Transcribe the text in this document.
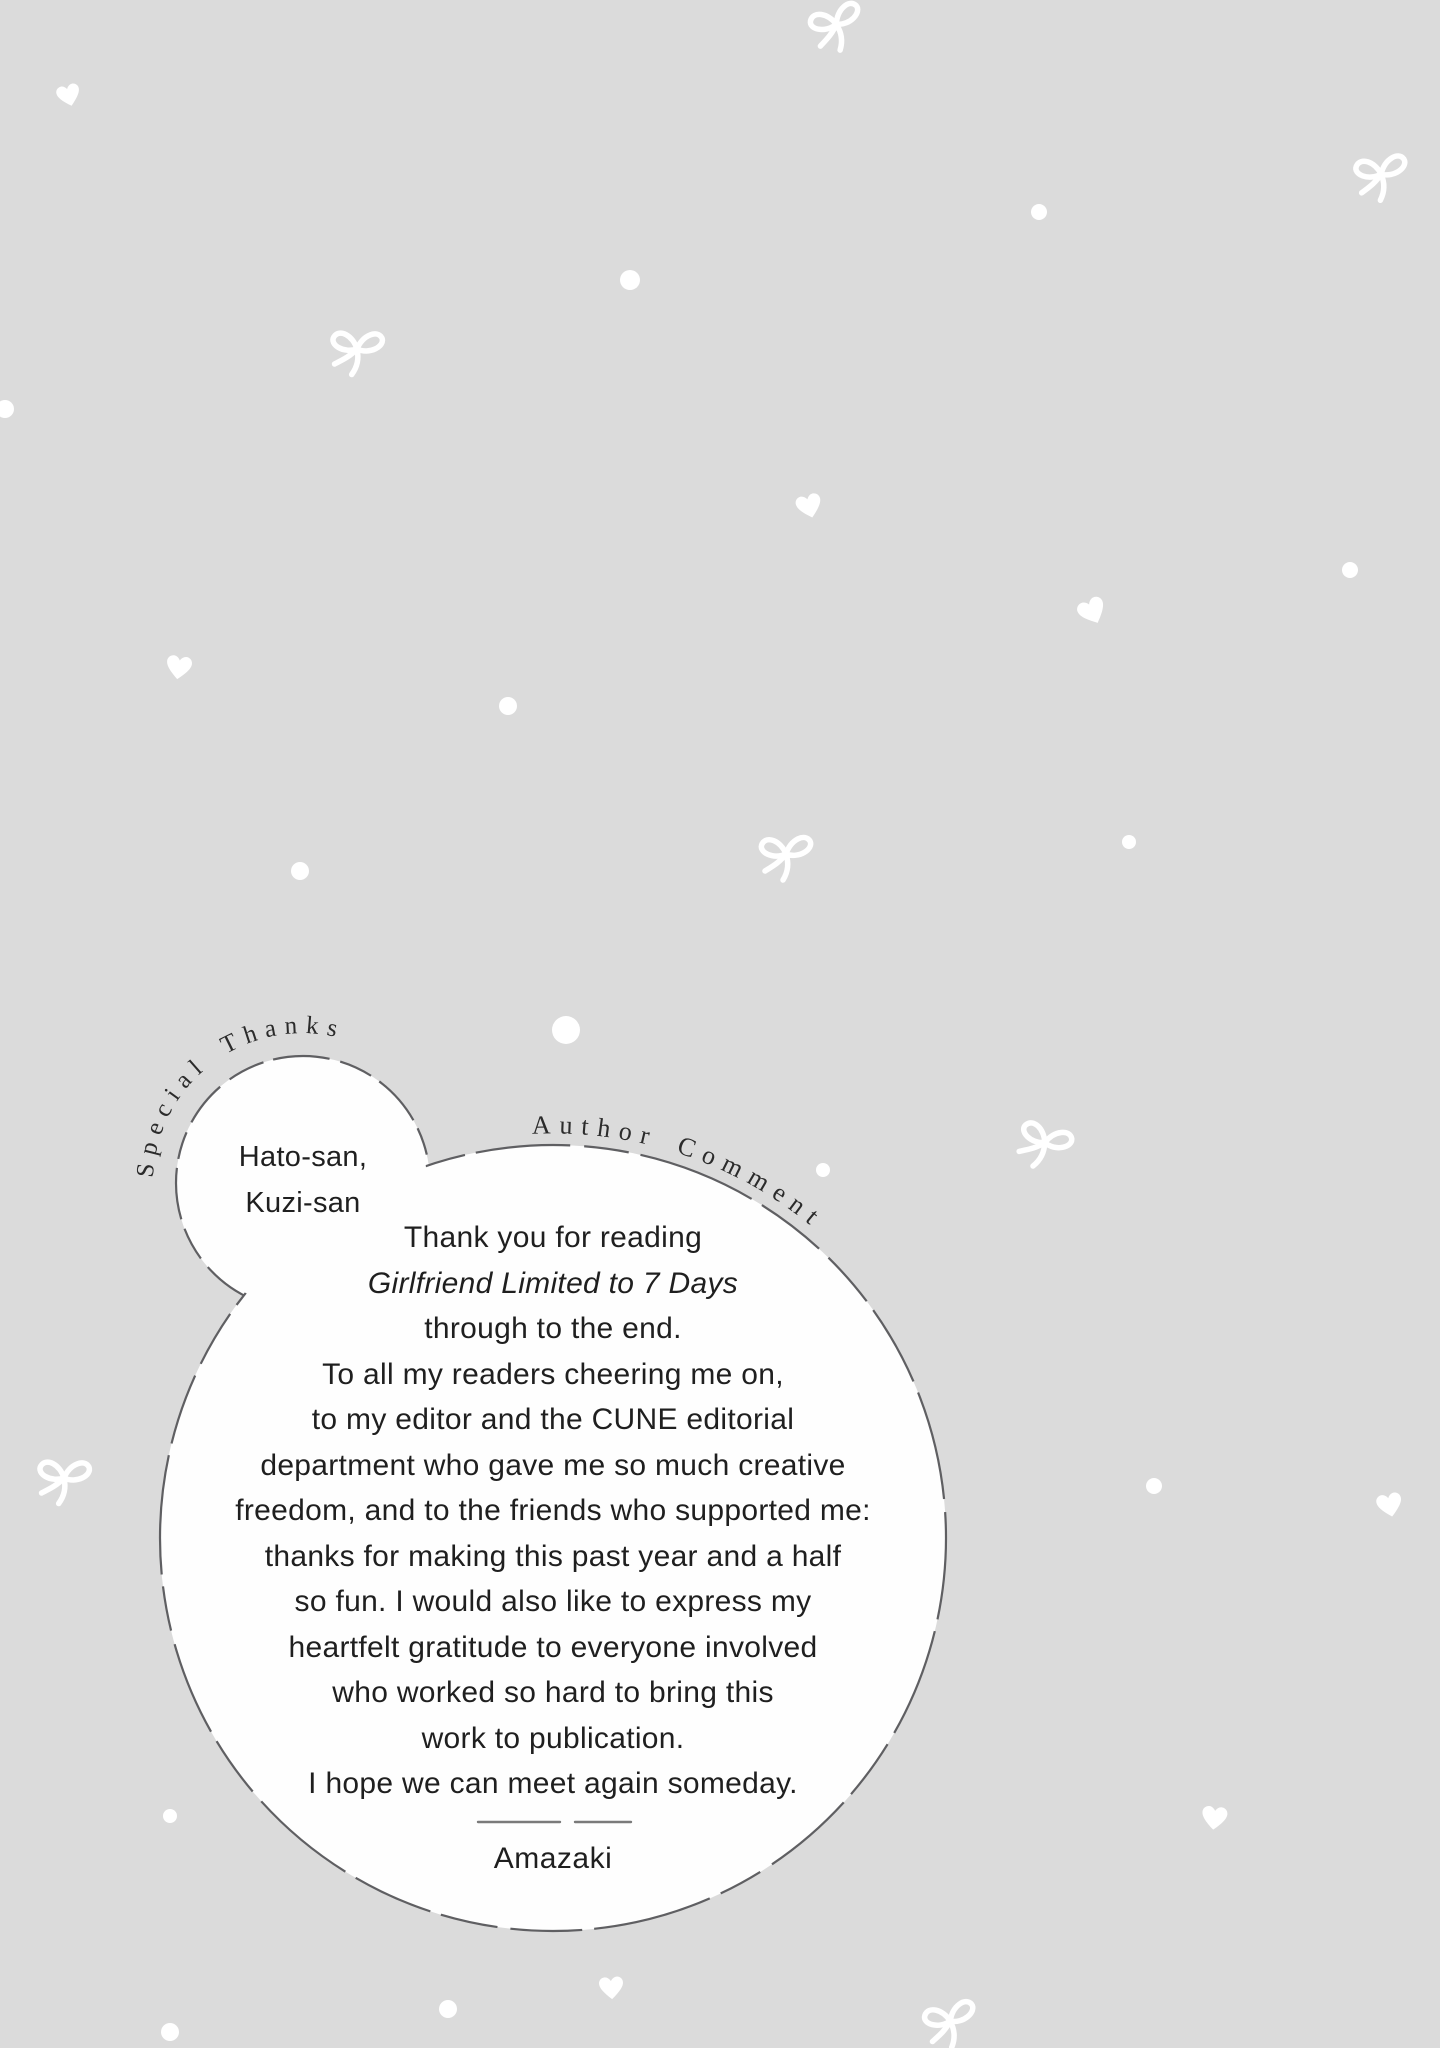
Special Thanks
Author Comment
Hato-san,
Kuzi-san
Thank you for reading
Girlfriend Limited to 7 Days
through to the end.
To all my readers cheering me on,
to my editor and the CUNE editorial
department who gave me so much creative
freedom, and to the friends who supported me:
thanks for making this past year and a half
so fun. I would also like to express my
heartfelt gratitude to everyone involved
who worked so hard to bring this
work to publication.
I hope we can meet again someday.
Amazaki
